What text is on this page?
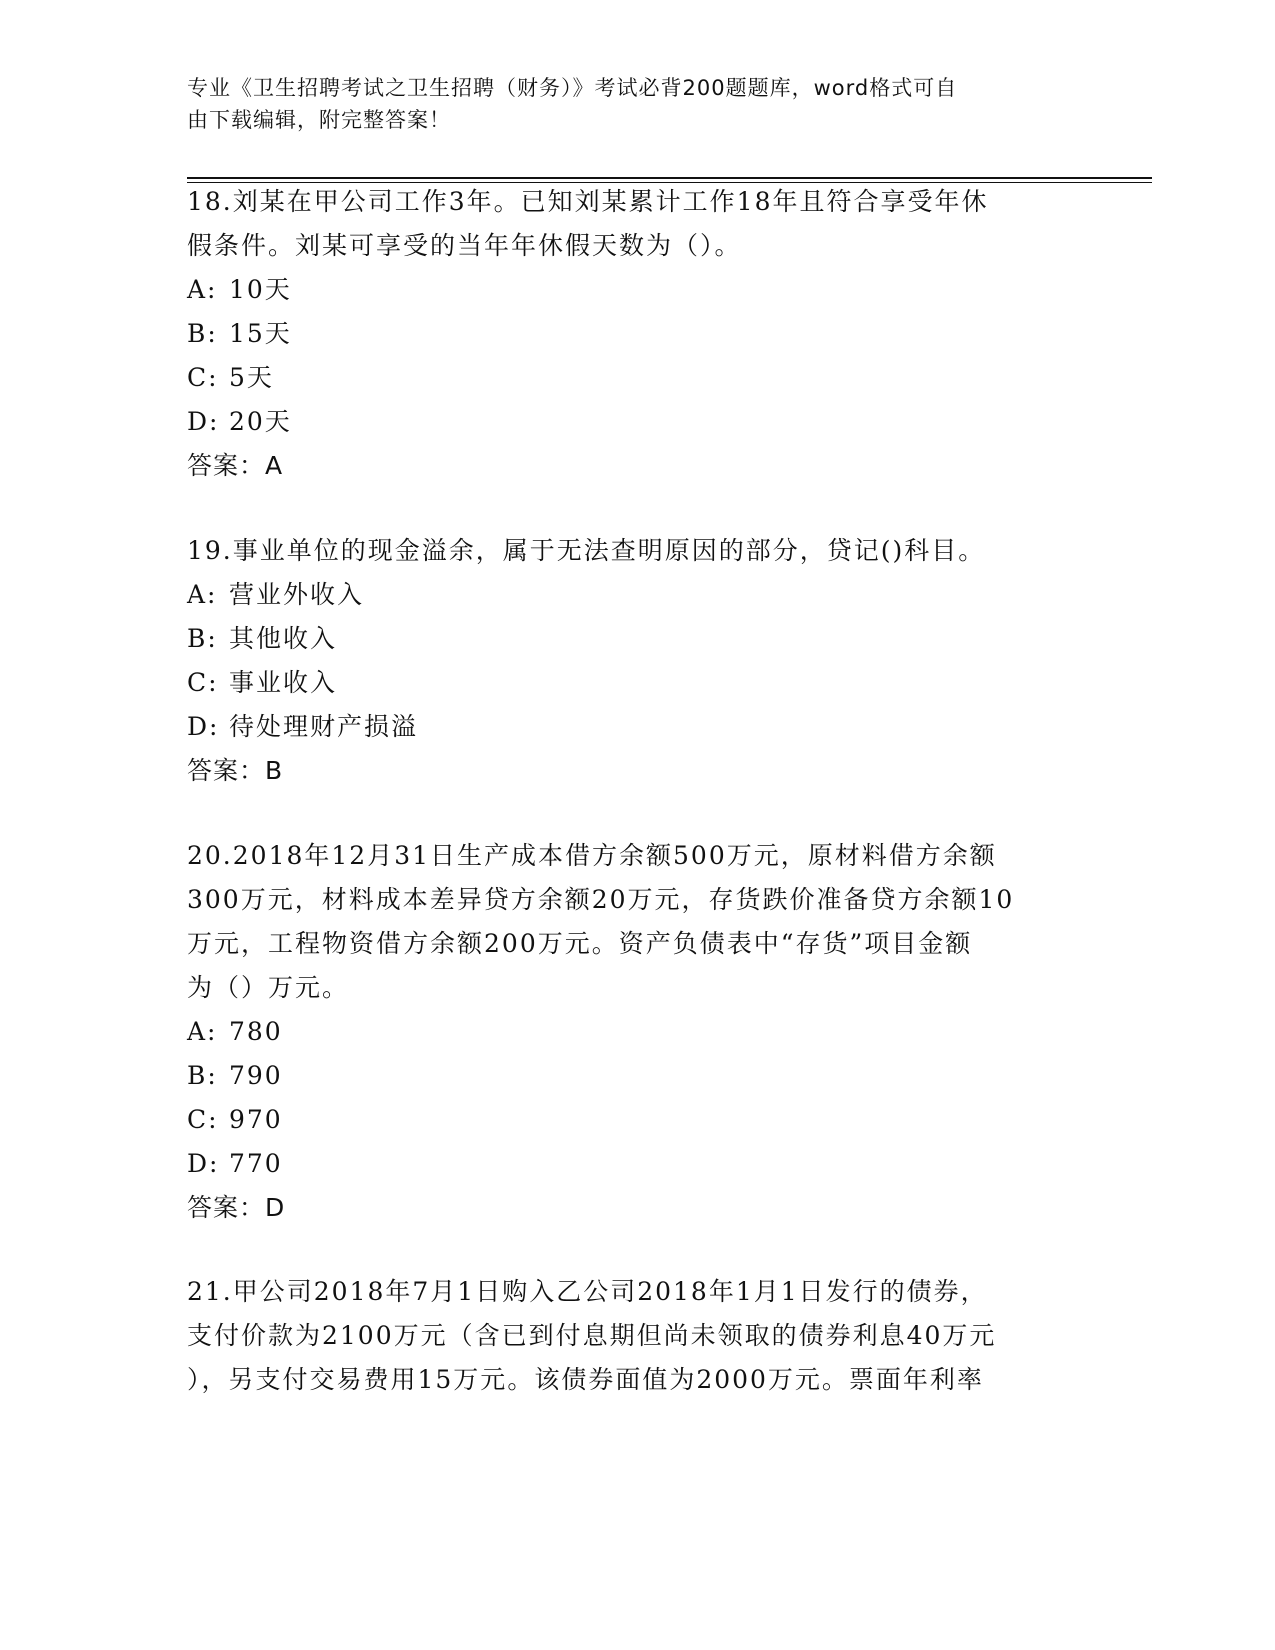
专业《卫生招聘考试之卫生招聘（财务）》考试必背200题题库，word格式可自
由下载编辑，附完整答案！
18.刘某在甲公司工作3年。已知刘某累计工作18年且符合享受年休
假条件。刘某可享受的当年年休假天数为（）。
A: 10天
B: 15天
C: 5天
D: 20天
答案：A
19.事业单位的现金溢余，属于无法查明原因的部分，贷记()科目。
A: 营业外收入
B: 其他收入
C: 事业收入
D: 待处理财产损溢
答案：B
20.2018年12月31日生产成本借方余额500万元，原材料借方余额
300万元，材料成本差异贷方余额20万元，存货跌价准备贷方余额10
万元，工程物资借方余额200万元。资产负债表中“存货”项目金额
为（）万元。
A: 780
B: 790
C: 970
D: 770
答案：D
21.甲公司2018年7月1日购入乙公司2018年1月1日发行的债券，
支付价款为2100万元（含已到付息期但尚未领取的债券利息40万元
），另支付交易费用15万元。该债券面值为2000万元。票面年利率
